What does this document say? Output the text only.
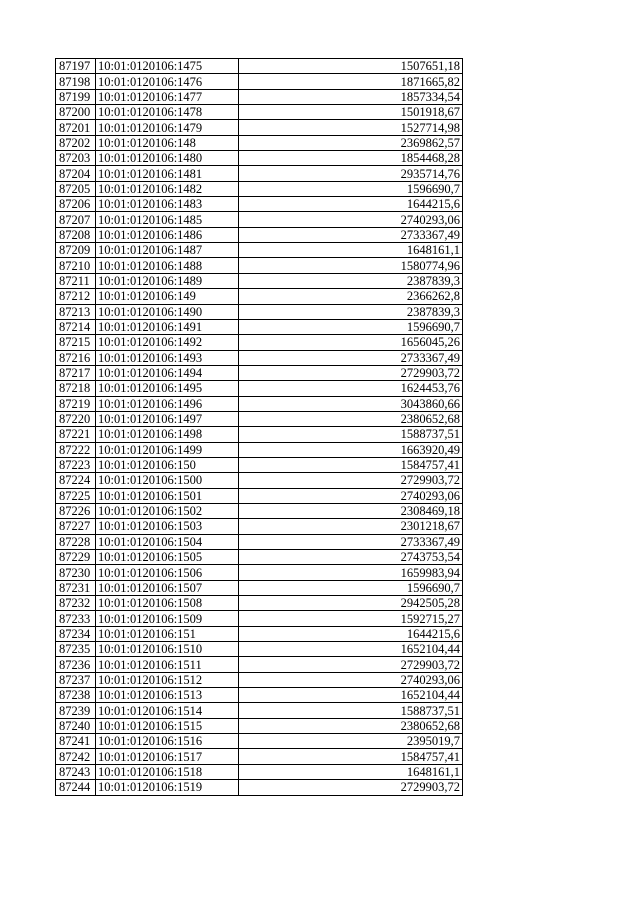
87197	10:01:0120106:1475	1507651,18
87198	10:01:0120106:1476	1871665,82
87199	10:01:0120106:1477	1857334,54
87200	10:01:0120106:1478	1501918,67
87201	10:01:0120106:1479	1527714,98
87202	10:01:0120106:148	2369862,57
87203	10:01:0120106:1480	1854468,28
87204	10:01:0120106:1481	2935714,76
87205	10:01:0120106:1482	1596690,7
87206	10:01:0120106:1483	1644215,6
87207	10:01:0120106:1485	2740293,06
87208	10:01:0120106:1486	2733367,49
87209	10:01:0120106:1487	1648161,1
87210	10:01:0120106:1488	1580774,96
87211	10:01:0120106:1489	2387839,3
87212	10:01:0120106:149	2366262,8
87213	10:01:0120106:1490	2387839,3
87214	10:01:0120106:1491	1596690,7
87215	10:01:0120106:1492	1656045,26
87216	10:01:0120106:1493	2733367,49
87217	10:01:0120106:1494	2729903,72
87218	10:01:0120106:1495	1624453,76
87219	10:01:0120106:1496	3043860,66
87220	10:01:0120106:1497	2380652,68
87221	10:01:0120106:1498	1588737,51
87222	10:01:0120106:1499	1663920,49
87223	10:01:0120106:150	1584757,41
87224	10:01:0120106:1500	2729903,72
87225	10:01:0120106:1501	2740293,06
87226	10:01:0120106:1502	2308469,18
87227	10:01:0120106:1503	2301218,67
87228	10:01:0120106:1504	2733367,49
87229	10:01:0120106:1505	2743753,54
87230	10:01:0120106:1506	1659983,94
87231	10:01:0120106:1507	1596690,7
87232	10:01:0120106:1508	2942505,28
87233	10:01:0120106:1509	1592715,27
87234	10:01:0120106:151	1644215,6
87235	10:01:0120106:1510	1652104,44
87236	10:01:0120106:1511	2729903,72
87237	10:01:0120106:1512	2740293,06
87238	10:01:0120106:1513	1652104,44
87239	10:01:0120106:1514	1588737,51
87240	10:01:0120106:1515	2380652,68
87241	10:01:0120106:1516	2395019,7
87242	10:01:0120106:1517	1584757,41
87243	10:01:0120106:1518	1648161,1
87244	10:01:0120106:1519	2729903,72
